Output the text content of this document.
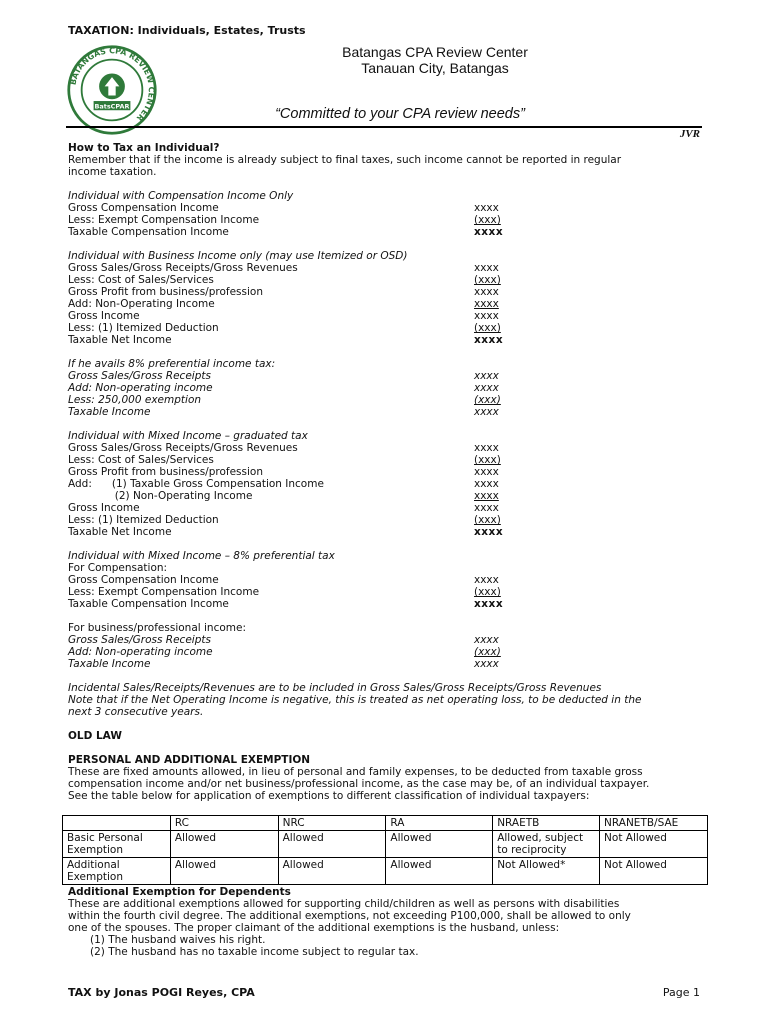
TAXATION: Individuals, Estates, Trusts
BATANGAS CPA REVIEW CENTER
BatsCPAR
Batangas CPA Review Center
Tanauan City, Batangas
“Committed to your CPA review needs”
JVR
How to Tax an Individual?
Remember that if the income is already subject to final taxes, such income cannot be reported in regular
income taxation.
Individual with Compensation Income Only
Gross Compensation Income	xxxx
Less: Exempt Compensation Income	(xxx)
Taxable Compensation Income	xxxx
Individual with Business Income only (may use Itemized or OSD)
Gross Sales/Gross Receipts/Gross Revenues	xxxx
Less: Cost of Sales/Services	(xxx)
Gross Profit from business/profession	xxxx
Add: Non-Operating Income	xxxx
Gross Income	xxxx
Less: (1) Itemized Deduction	(xxx)
Taxable Net Income	xxxx
If he avails 8% preferential income tax:
Gross Sales/Gross Receipts	xxxx
Add: Non-operating income	xxxx
Less: 250,000 exemption	(xxx)
Taxable Income	xxxx
Individual with Mixed Income – graduated tax
Gross Sales/Gross Receipts/Gross Revenues	xxxx
Less: Cost of Sales/Services	(xxx)
Gross Profit from business/profession	xxxx
Add:      (1) Taxable Gross Compensation Income	xxxx
(2) Non-Operating Income	xxxx
Gross Income	xxxx
Less: (1) Itemized Deduction	(xxx)
Taxable Net Income	xxxx
Individual with Mixed Income – 8% preferential tax
For Compensation:
Gross Compensation Income	xxxx
Less: Exempt Compensation Income	(xxx)
Taxable Compensation Income	xxxx
For business/professional income:
Gross Sales/Gross Receipts	xxxx
Add: Non-operating income	(xxx)
Taxable Income	xxxx
Incidental Sales/Receipts/Revenues are to be included in Gross Sales/Gross Receipts/Gross Revenues
Note that if the Net Operating Income is negative, this is treated as net operating loss, to be deducted in the
next 3 consecutive years.
OLD LAW
PERSONAL AND ADDITIONAL EXEMPTION
These are fixed amounts allowed, in lieu of personal and family expenses, to be deducted from taxable gross
compensation income and/or net business/professional income, as the case may be, of an individual taxpayer.
See the table below for application of exemptions to different classification of individual taxpayers:
	RC	NRC	RA	NRAETB	NRANETB/SAE
Basic Personal Exemption	Allowed	Allowed	Allowed	Allowed, subject to reciprocity	Not Allowed
Additional Exemption	Allowed	Allowed	Allowed	Not Allowed*	Not Allowed
Additional Exemption for Dependents
These are additional exemptions allowed for supporting child/children as well as persons with disabilities
within the fourth civil degree. The additional exemptions, not exceeding P100,000, shall be allowed to only
one of the spouses. The proper claimant of the additional exemptions is the husband, unless:
(1) The husband waives his right.
(2) The husband has no taxable income subject to regular tax.
TAX by Jonas POGI Reyes, CPA	Page 1
